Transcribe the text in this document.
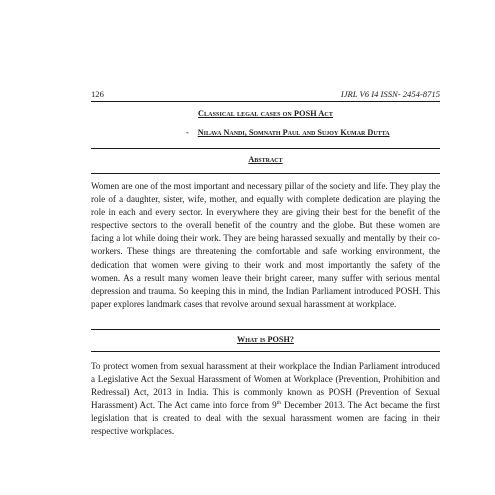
126	IJRL V6 I4 ISSN- 2454-8715
Classical legal cases on POSH Act
- Nilava Nandi, Somnath Paul and Sujoy Kumar Dutta
Abstract

Women are one of the most important and necessary pillar of the society and life. They play the role of a daughter, sister, wife, mother, and equally with complete dedication are playing the role in each and every sector. In everywhere they are giving their best for the benefit of the respective sectors to the overall benefit of the country and the globe. But these women are facing a lot while doing their work. They are being harassed sexually and mentally by their co-workers. These things are threatening the comfortable and safe working environment, the dedication that women were giving to their work and most importantly the safety of the women. As a result many women leave their bright career, many suffer with serious mental depression and trauma. So keeping this in mind, the Indian Parliament introduced POSH. This paper explores landmark cases that revolve around sexual harassment at workplace.

What is POSH?

To protect women from sexual harassment at their workplace the Indian Parliament introduced a Legislative Act the Sexual Harassment of Women at Workplace (Prevention, Prohibition and Redressal) Act, 2013 in India. This is commonly known as POSH (Prevention of Sexual Harassment) Act. The Act came into force from 9th December 2013. The Act became the first legislation that is created to deal with the sexual harassment women are facing in their respective workplaces.
